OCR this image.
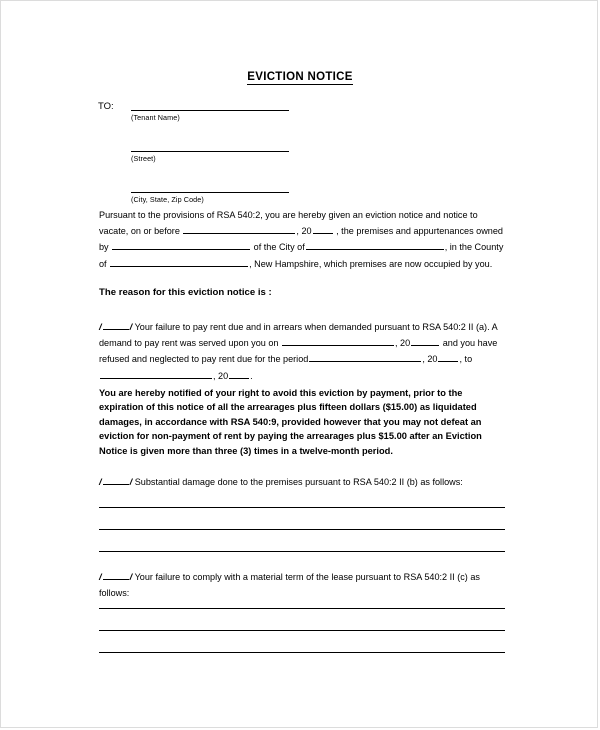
EVICTION NOTICE
TO:
(Tenant Name)
(Street)
(City, State, Zip Code)
Pursuant to the provisions of RSA 540:2, you are hereby given an eviction notice and notice to vacate, on or before	, 20	, the premises and appurtenances owned by	of the City of	, in the County of	, New Hampshire, which premises are now occupied by you.
The reason for this eviction notice is :
/	/ Your failure to pay rent due and in arrears when demanded pursuant to RSA 540:2 II (a). A demand to pay rent was served upon you on	, 20	and you have refused and neglected to pay rent due for the period	, 20 , to, 20 .
You are hereby notified of your right to avoid this eviction by payment, prior to the expiration of this notice of all the arrearages plus fifteen dollars ($15.00) as liquidated damages, in accordance with RSA 540:9, provided however that you may not defeat an eviction for non-payment of rent by paying the arrearages plus $15.00 after an Eviction Notice is given more than three (3) times in a twelve-month period.
/	/ Substantial damage done to the premises pursuant to RSA 540:2 II (b) as follows:
/	/ Your failure to comply with a material term of the lease pursuant to RSA 540:2 II (c) as follows:
